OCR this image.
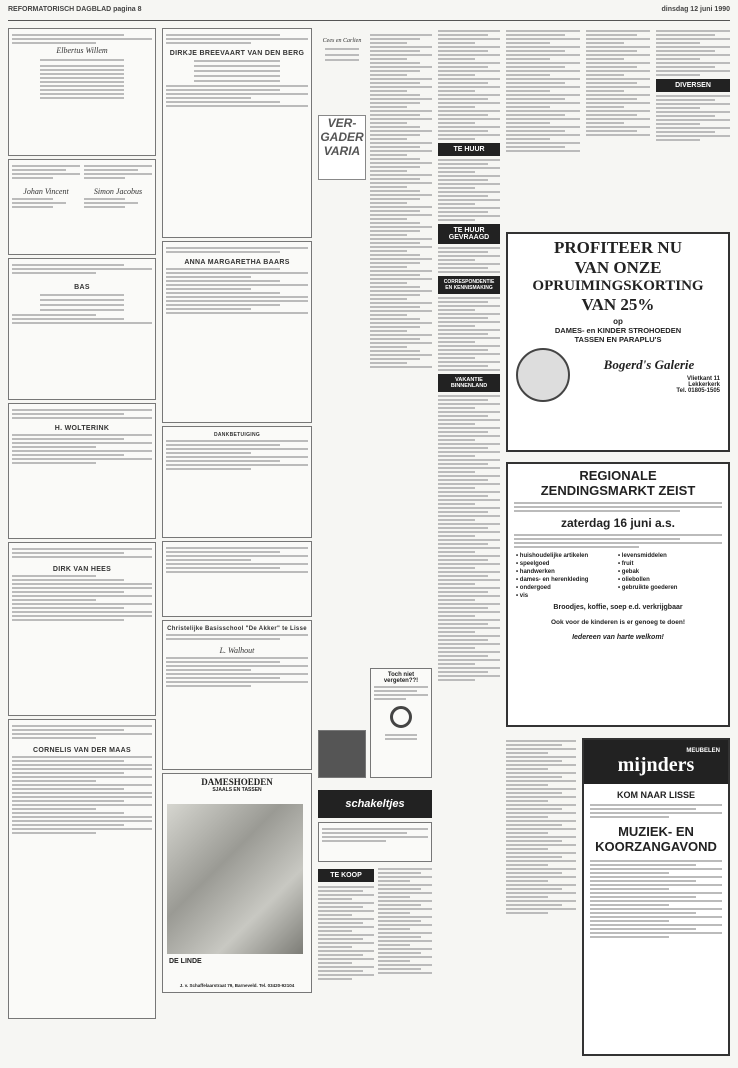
REFORMATORISCH DAGBLAD pagina 8	dinsdag 12 juni 1990
Elbertus Willem
Johan Vincent	Simon Jacobus
BAS
H. WOLTERINK
DIRK VAN HEES
CORNELIS VAN DER MAAS
DIRKJE BREEVAART VAN DEN BERG
ANNA MARGARETHA BAARS
DANKBETUIGING
Christelijke Basisschool "De Akker" te Lisse
L. Walhout
DAMESHOEDEN
SJAALS EN TASSEN
DE LINDE
J. v. Schaffelaarstraat 79, Barneveld. Tel. 03420-92104
Cees en Carlien
VER-
GADER
VARIA
Toch niet vergeten??!
schakeltjes
TE KOOP
TE HUUR
TE HUUR GEVRAAGD
CORRESPONDENTIE EN KENNISMAKING
VAKANTIE BINNENLAND
DIVERSEN
PROFITEER NU
VAN ONZE
OPRUIMINGSKORTING
VAN 25%
op
DAMES- en KINDER STROHOEDEN
TASSEN EN PARAPLU'S
Bogerd's Galerie
Vlietkant 11
Lekkerkerk
Tel. 01805-1505
REGIONALE
ZENDINGSMARKT ZEIST
zaterdag 16 juni a.s.
• huishoudelijke artikelen
• speelgoed
• handwerken
• dames- en herenkleding
• ondergoed
• vis
• levensmiddelen
• fruit
• gebak
• oliebollen
• gebruikte goederen
Broodjes, koffie, soep e.d. verkrijgbaar
Ook voor de kinderen is er genoeg te doen!
Iedereen van harte welkom!
MEUBELEN
mijnders
KOM NAAR LISSE
MUZIEK- EN
KOORZANGAVOND
